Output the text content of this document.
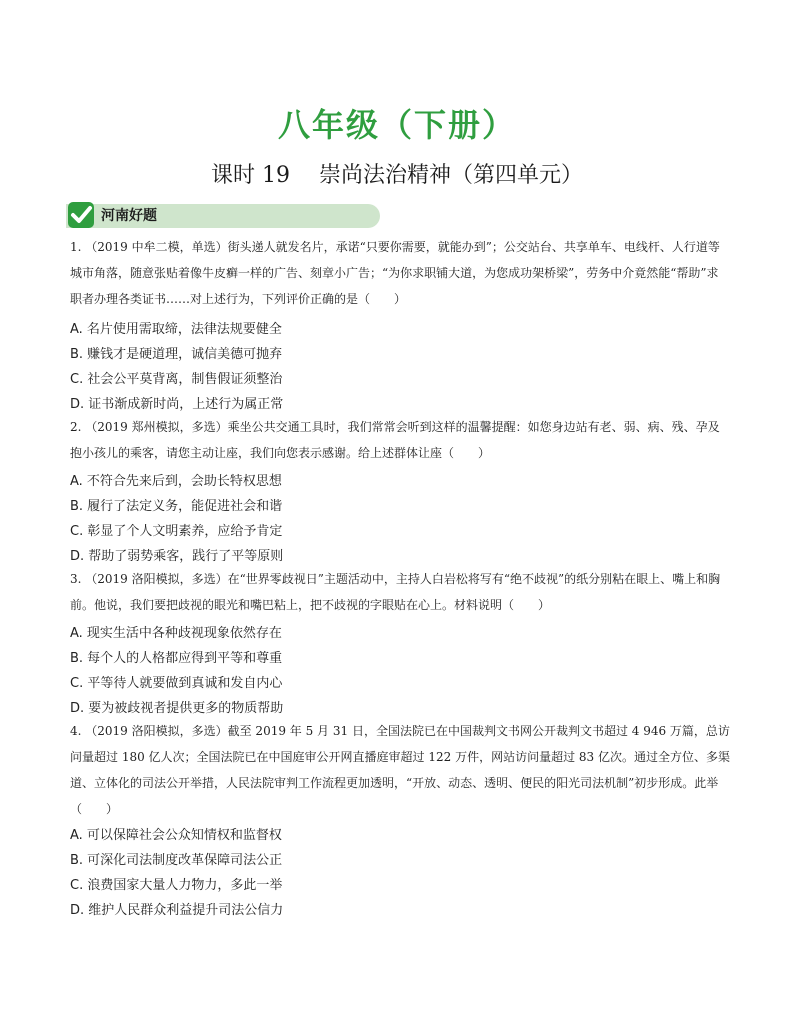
八年级（下册）
课时 19　 崇尚法治精神（第四单元）
河南好题
1. （2019 中牟二模，单选）街头递人就发名片，承诺“只要你需要，就能办到”；公交站台、共享单车、电线杆、人行道等城市角落，随意张贴着像牛皮癣一样的广告、刻章小广告；“为你求职铺大道，为您成功架桥梁”，劳务中介竟然能“帮助”求职者办理各类证书……对上述行为，下列评价正确的是（　　）
A. 名片使用需取缔，法律法规要健全
B. 赚钱才是硬道理，诚信美德可抛弃
C. 社会公平莫背离，制售假证须整治
D. 证书渐成新时尚，上述行为属正常
2. （2019 郑州模拟，多选）乘坐公共交通工具时，我们常常会听到这样的温馨提醒：如您身边站有老、弱、病、残、孕及抱小孩儿的乘客，请您主动让座，我们向您表示感谢。给上述群体让座（　　）
A. 不符合先来后到，会助长特权思想
B. 履行了法定义务，能促进社会和谐
C. 彰显了个人文明素养，应给予肯定
D. 帮助了弱势乘客，践行了平等原则
3. （2019 洛阳模拟，多选）在“世界零歧视日”主题活动中，主持人白岩松将写有“绝不歧视”的纸分别粘在眼上、嘴上和胸前。他说，我们要把歧视的眼光和嘴巴粘上，把不歧视的字眼贴在心上。材料说明（　　）
A. 现实生活中各种歧视现象依然存在
B. 每个人的人格都应得到平等和尊重
C. 平等待人就要做到真诚和发自内心
D. 要为被歧视者提供更多的物质帮助
4. （2019 洛阳模拟，多选）截至 2019 年 5 月 31 日，全国法院已在中国裁判文书网公开裁判文书超过 4 946 万篇，总访问量超过 180 亿人次；全国法院已在中国庭审公开网直播庭审超过 122 万件，网站访问量超过 83 亿次。通过全方位、多渠道、立体化的司法公开举措，人民法院审判工作流程更加透明，“开放、动态、透明、便民的阳光司法机制”初步形成。此举（　　）
A. 可以保障社会公众知情权和监督权
B. 可深化司法制度改革保障司法公正
C. 浪费国家大量人力物力，多此一举
D. 维护人民群众利益提升司法公信力
